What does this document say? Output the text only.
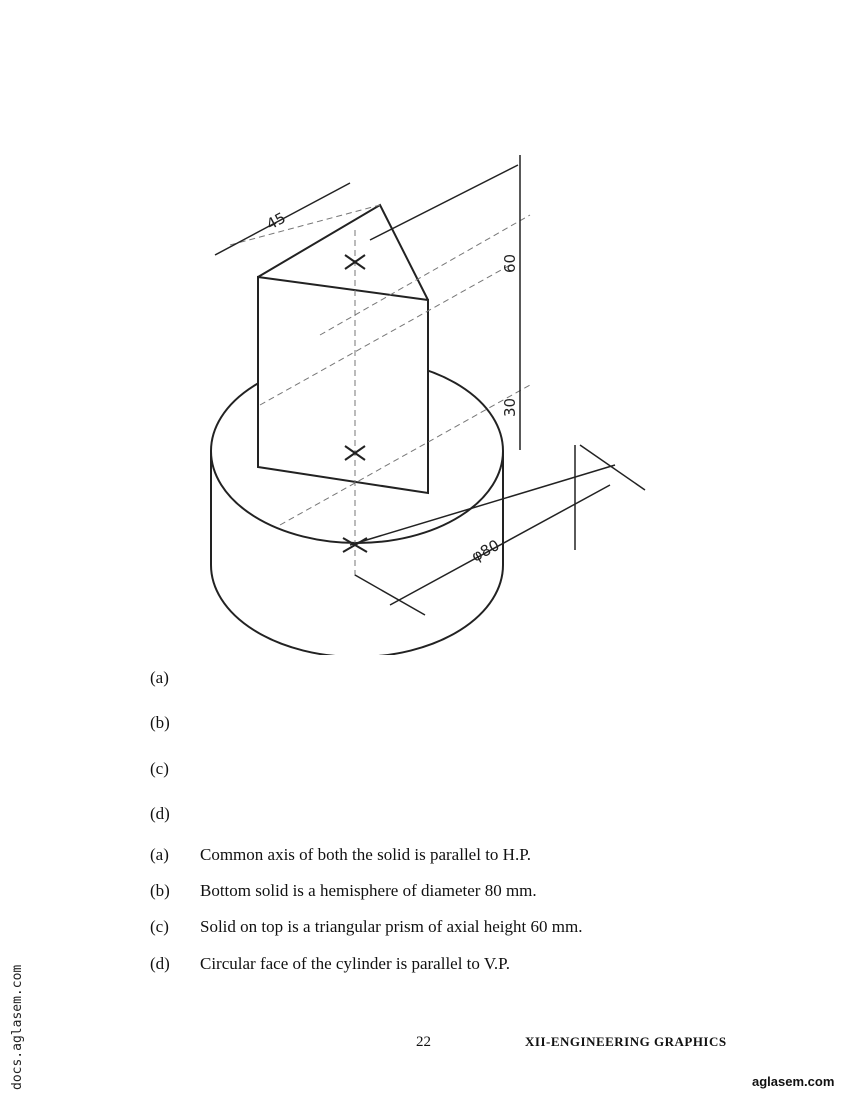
45
60
30
φ80
(a)
(b)
(c)
(d)
(a) Common axis of both the solid is parallel to H.P.
(b) Bottom solid is a hemisphere of diameter 80 mm.
(c) Solid on top is a triangular prism of axial height 60 mm.
(d) Circular face of the cylinder is parallel to V.P.
22	XII-ENGINEERING GRAPHICS
docs.aglasem.com	aglasem.com
